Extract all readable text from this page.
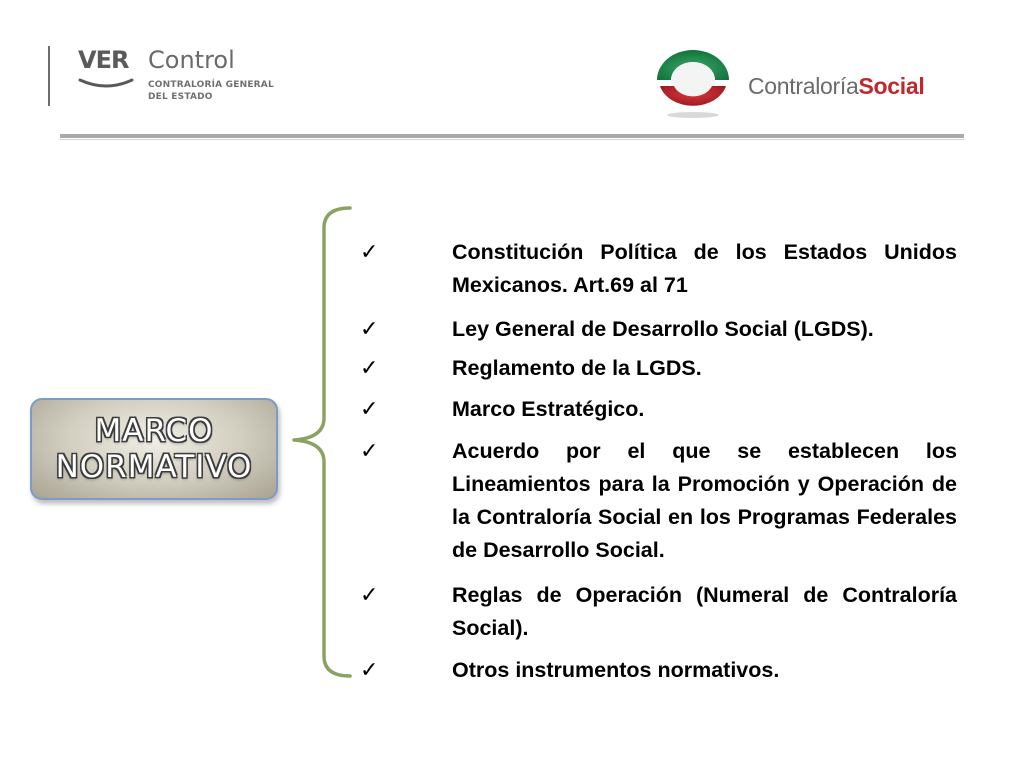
VER Control
CONTRALORÍA GENERAL
DEL ESTADO	ContraloríaSocial
MARCO
NORMATIVO
✓	Constitución Política de los Estados Unidos Mexicanos. Art.69 al 71
✓	Ley General de Desarrollo Social (LGDS).
✓	Reglamento de la LGDS.
✓	Marco Estratégico.
✓	Acuerdo por el que se establecen los Lineamientos para la Promoción y Operación de la Contraloría Social en los Programas Federales de Desarrollo Social.
✓	Reglas de Operación (Numeral de Contraloría Social).
✓	Otros instrumentos normativos.
